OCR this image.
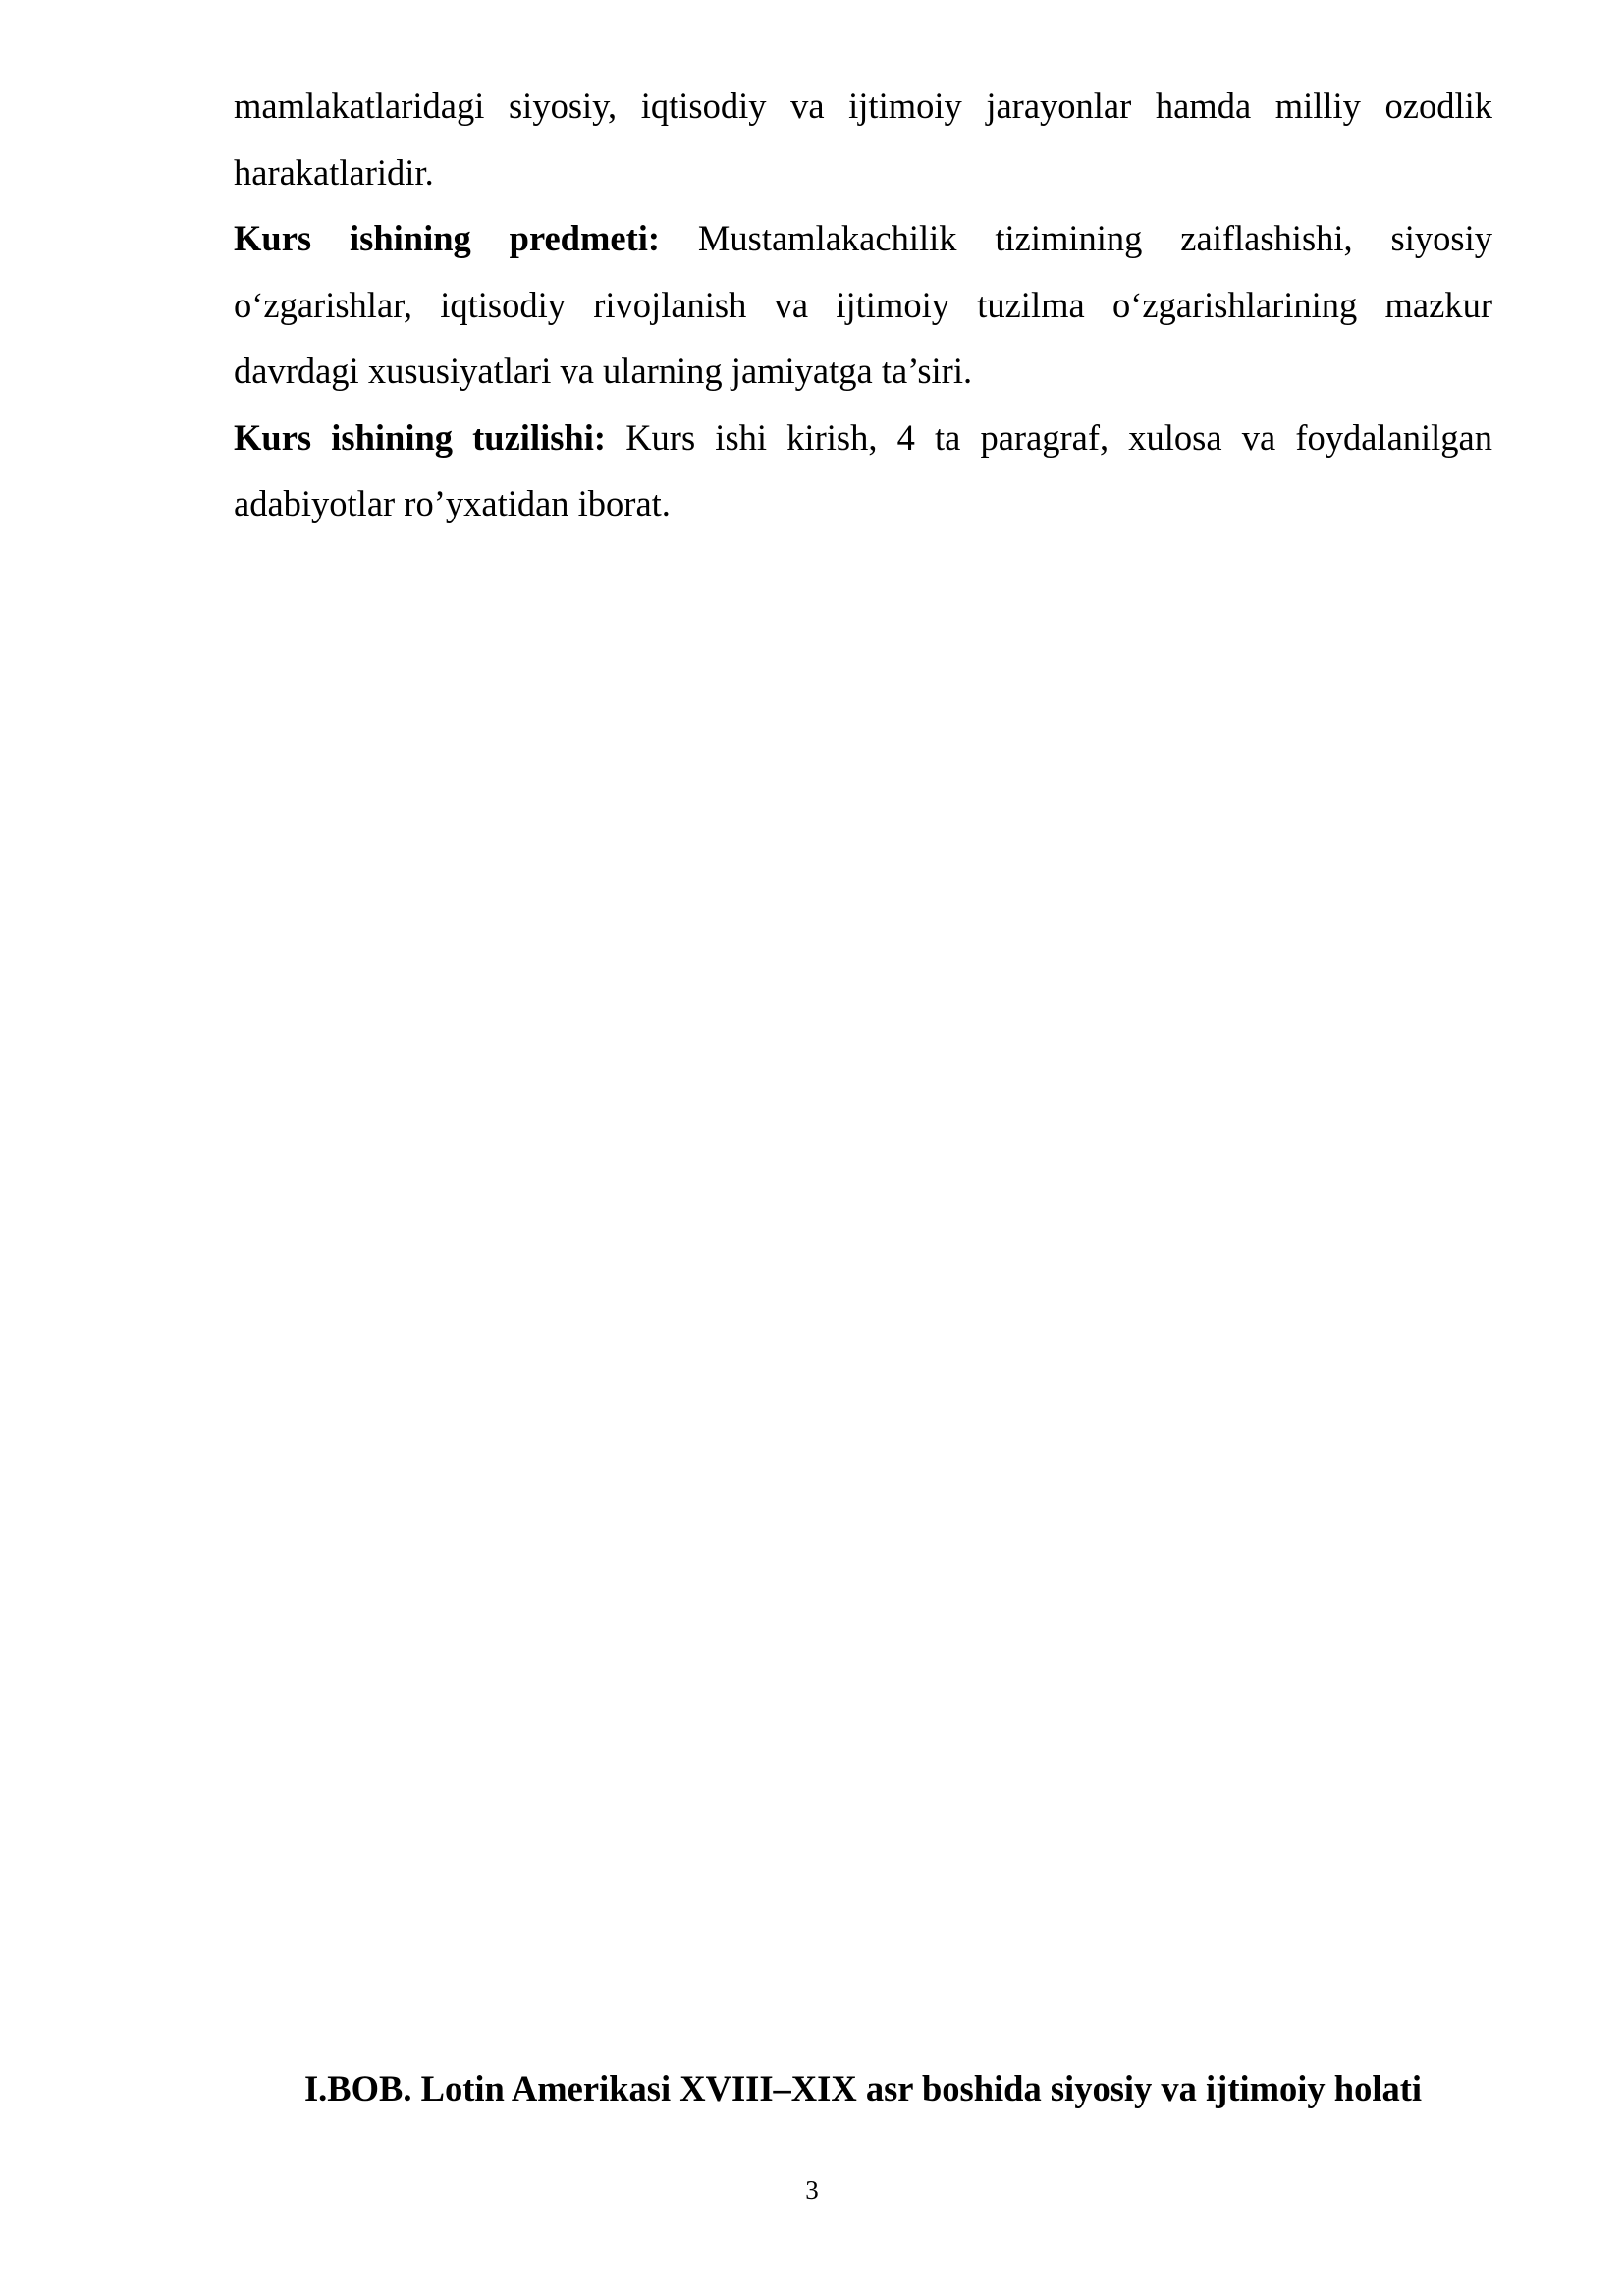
mamlakatlaridagi siyosiy, iqtisodiy va ijtimoiy jarayonlar hamda milliy ozodlik harakatlaridir.

Kurs ishining predmeti: Mustamlakachilik tizimining zaiflashishi, siyosiy o‘zgarishlar, iqtisodiy rivojlanish va ijtimoiy tuzilma o‘zgarishlarining mazkur davrdagi xususiyatlari va ularning jamiyatga ta’siri.

Kurs ishining tuzilishi: Kurs ishi kirish, 4 ta paragraf, xulosa va foydalanilgan adabiyotlar ro’yxatidan iborat.

I.BOB. Lotin Amerikasi XVIII–XIX asr boshida siyosiy va ijtimoiy holati
3
